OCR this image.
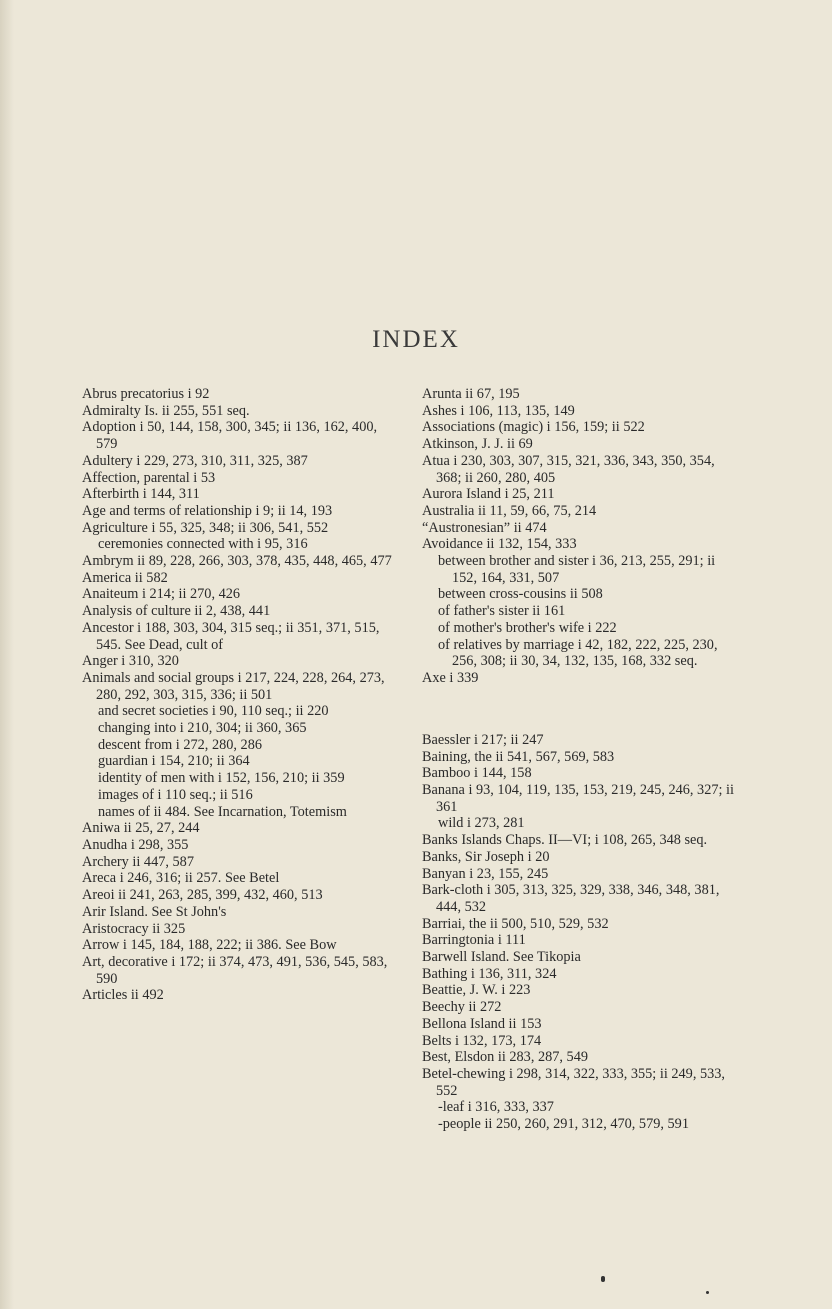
INDEX

Abrus precatorius i 92

Admiralty Is. ii 255, 551 seq.

Adoption i 50, 144, 158, 300, 345; ii 136, 162, 400, 579

Adultery i 229, 273, 310, 311, 325, 387

Affection, parental i 53

Afterbirth i 144, 311

Age and terms of relationship i 9; ii 14, 193

Agriculture i 55, 325, 348; ii 306, 541, 552

ceremonies connected with i 95, 316

Ambrym ii 89, 228, 266, 303, 378, 435, 448, 465, 477

America ii 582

Anaiteum i 214; ii 270, 426

Analysis of culture ii 2, 438, 441

Ancestor i 188, 303, 304, 315 seq.; ii 351, 371, 515, 545. See Dead, cult of

Anger i 310, 320

Animals and social groups i 217, 224, 228, 264, 273, 280, 292, 303, 315, 336; ii 501

and secret societies i 90, 110 seq.; ii 220

changing into i 210, 304; ii 360, 365

descent from i 272, 280, 286

guardian i 154, 210; ii 364

identity of men with i 152, 156, 210; ii 359

images of i 110 seq.; ii 516

names of ii 484. See Incarnation, Totemism

Aniwa ii 25, 27, 244

Anudha i 298, 355

Archery ii 447, 587

Areca i 246, 316; ii 257. See Betel

Areoi ii 241, 263, 285, 399, 432, 460, 513

Arir Island. See St John's

Aristocracy ii 325

Arrow i 145, 184, 188, 222; ii 386. See Bow

Art, decorative i 172; ii 374, 473, 491, 536, 545, 583, 590

Articles ii 492

Arunta ii 67, 195

Ashes i 106, 113, 135, 149

Associations (magic) i 156, 159; ii 522

Atkinson, J. J. ii 69

Atua i 230, 303, 307, 315, 321, 336, 343, 350, 354, 368; ii 260, 280, 405

Aurora Island i 25, 211

Australia ii 11, 59, 66, 75, 214

“Austronesian” ii 474

Avoidance ii 132, 154, 333

between brother and sister i 36, 213, 255, 291; ii 152, 164, 331, 507

between cross-cousins ii 508

of father's sister ii 161

of mother's brother's wife i 222

of relatives by marriage i 42, 182, 222, 225, 230, 256, 308; ii 30, 34, 132, 135, 168, 332 seq.

Axe i 339

Baessler i 217; ii 247

Baining, the ii 541, 567, 569, 583

Bamboo i 144, 158

Banana i 93, 104, 119, 135, 153, 219, 245, 246, 327; ii 361

wild i 273, 281

Banks Islands Chaps. II—VI; i 108, 265, 348 seq.

Banks, Sir Joseph i 20

Banyan i 23, 155, 245

Bark-cloth i 305, 313, 325, 329, 338, 346, 348, 381, 444, 532

Barriai, the ii 500, 510, 529, 532

Barringtonia i 111

Barwell Island. See Tikopia

Bathing i 136, 311, 324

Beattie, J. W. i 223

Beechy ii 272

Bellona Island ii 153

Belts i 132, 173, 174

Best, Elsdon ii 283, 287, 549

Betel-chewing i 298, 314, 322, 333, 355; ii 249, 533, 552

-leaf i 316, 333, 337

-people ii 250, 260, 291, 312, 470, 579, 591
